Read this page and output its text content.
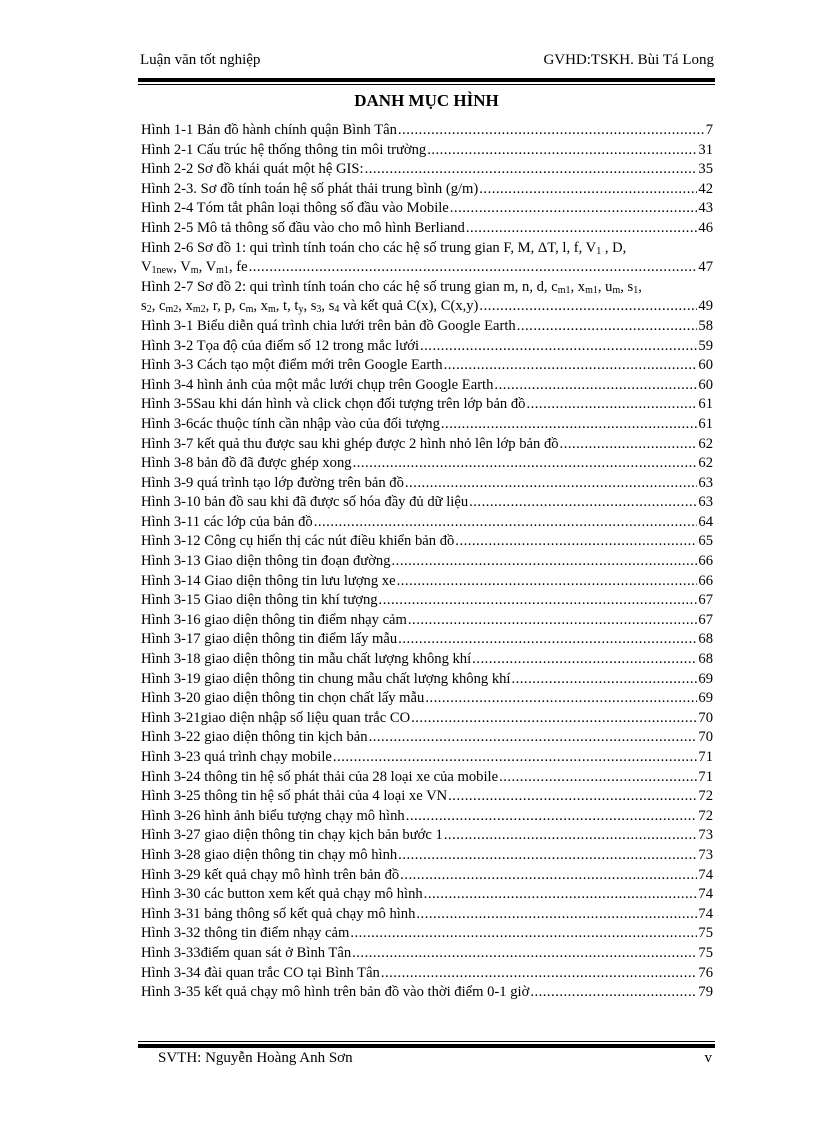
Luận văn tốt nghiệp	GVHD:TSKH. Bùi Tá Long
DANH MỤC HÌNH
Hình 1-1 Bản đồ hành chính quận Bình Tân .....	7
Hình 2-1 Cấu trúc hệ thống thông tin môi trường .....	31
Hình 2-2 Sơ đồ khái quát một hệ GIS: .....	35
Hình 2-3. Sơ đồ tính toán hệ số phát thải trung bình (g/m) .....	42
Hình 2-4 Tóm tắt phân loại thông số đầu vào Mobile .....	43
Hình 2-5 Mô tả thông số đầu vào cho mô hình Berliand .....	46
Hình 2-6 Sơ đồ 1: qui trình tính toán cho các hệ số trung gian F, M, ΔT, l, f, $V_1$ , D,
$V_{1new}$, $V_m$, $V_{m1}$, fe .....	47
Hình 2-7 Sơ đồ 2: qui trình tính toán cho các hệ số trung gian m, n, d, $c_{m1}$, $x_{m1}$, $u_m$, $s_1$,
$s_2$, $c_{m2}$, $x_{m2}$, r, p, $c_m$, $x_m$, t, $t_y$, $s_3$, $s_4$ và kết quả C(x), C(x,y) .....	49
Hình 3-1 Biểu diễn quá trình chia lưới trên bản đồ Google Earth .....	58
Hình 3-2 Tọa độ của điểm số 12 trong mắc lưới .....	59
Hình 3-3 Cách tạo một điểm mới trên Google Earth .....	60
Hình 3-4 hình ảnh của một mắc lưới chụp trên Google Earth .....	60
Hình 3-5Sau khi dán hình và click chọn đối tượng trên lớp bản đồ .....	61
Hình 3-6các thuộc tính cần nhập vào của đối tượng .....	61
Hình 3-7 kết quả thu được sau khi ghép được 2 hình nhỏ lên lớp bản đồ .....	62
Hình 3-8 bản đồ đã được ghép xong .....	62
Hình 3-9 quá trình tạo lớp đường trên bản đồ .....	63
Hình 3-10 bản đồ sau khi đã được số hóa đầy đủ dữ liệu .....	63
Hình 3-11 các lớp của bản đồ .....	64
Hình 3-12 Công cụ hiển thị các nút điều khiển bản đồ .....	65
Hình 3-13 Giao diện thông tin đoạn đường .....	66
Hình 3-14 Giao diện thông tin lưu lượng xe .....	66
Hình 3-15 Giao diện thông tin khí tượng .....	67
Hình 3-16 giao diện thông tin điểm nhạy cảm .....	67
Hình 3-17 giao diện thông tin điểm lấy mẫu .....	68
Hình 3-18 giao diện thông tin mẫu chất lượng không khí .....	68
Hình 3-19 giao diện thông tin chung mẫu chất lượng không khí .....	69
Hình 3-20 giao diện thông tin chọn chất lấy mẫu .....	69
Hình 3-21giao diện nhập số liệu quan trắc CO .....	70
Hình 3-22 giao diện thông tin kịch bản .....	70
Hình 3-23 quá trình chạy mobile .....	71
Hình 3-24 thông tin hệ số phát thải của 28 loại xe của mobile .....	71
Hình 3-25 thông tin hệ số phát thải của 4 loại xe VN .....	72
Hình 3-26 hình ảnh biểu tượng chạy mô hình .....	72
Hình 3-27 giao diện thông tin chạy kịch bản bước 1 .....	73
Hình 3-28 giao diện thông tin chạy mô hình .....	73
Hình 3-29 kết quả chạy mô hình trên bản đồ .....	74
Hình 3-30 các button xem kết quả chạy mô hình .....	74
Hình 3-31 bảng thông số kết quả chạy mô hình .....	74
Hình 3-32 thông tin điểm nhạy cảm .....	75
Hình 3-33điểm quan sát ở Bình Tân .....	75
Hình 3-34 đài quan trắc CO tại Bình Tân .....	76
Hình 3-35 kết quả chạy mô hình trên bản đồ vào thời điểm 0-1 giờ .....	79
SVTH: Nguyễn Hoàng Anh Sơn	v
